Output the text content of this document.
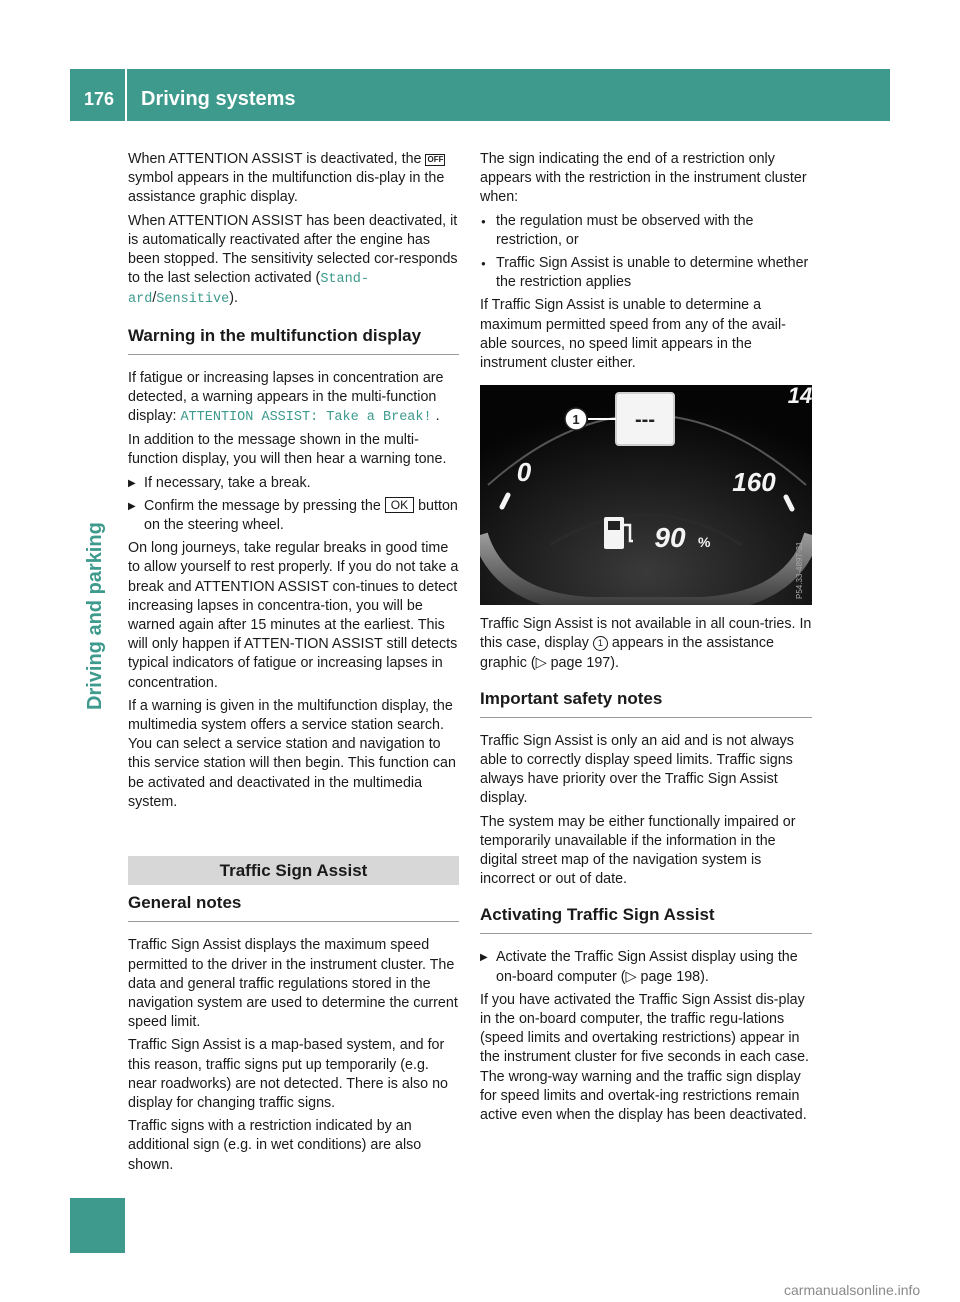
176 Driving systems
Driving and parking

When ATTENTION ASSIST is deactivated, the OFF symbol appears in the multifunction dis-play in the assistance graphic display.

When ATTENTION ASSIST has been deactivated, it is automatically reactivated after the engine has been stopped. The sensitivity selected cor-responds to the last selection activated (Stand‐ard/Sensitive).

Warning in the multifunction display

If fatigue or increasing lapses in concentration are detected, a warning appears in the multi-function display: ATTENTION ASSIST: Take a Break! .

In addition to the message shown in the multi-function display, you will then hear a warning tone.

▶ If necessary, take a break.
▶ Confirm the message by pressing the OK button on the steering wheel.

On long journeys, take regular breaks in good time to allow yourself to rest properly. If you do not take a break and ATTENTION ASSIST con-tinues to detect increasing lapses in concentra-tion, you will be warned again after 15 minutes at the earliest. This will only happen if ATTEN-TION ASSIST still detects typical indicators of fatigue or increasing lapses in concentration.

If a warning is given in the multifunction display, the multimedia system offers a service station search. You can select a service station and navigation to this service station will then begin. This function can be activated and deactivated in the multimedia system.

Traffic Sign Assist
General notes

Traffic Sign Assist displays the maximum speed permitted to the driver in the instrument cluster. The data and general traffic regulations stored in the navigation system are used to determine the current speed limit.

Traffic Sign Assist is a map-based system, and for this reason, traffic signs put up temporarily (e.g. near roadworks) are not detected. There is also no display for changing traffic signs.

Traffic signs with a restriction indicated by an additional sign (e.g. in wet conditions) are also shown.

The sign indicating the end of a restriction only appears with the restriction in the instrument cluster when:

● the regulation must be observed with the restriction, or
● Traffic Sign Assist is unable to determine whether the restriction applies

If Traffic Sign Assist is unable to determine a maximum permitted speed from any of the avail-able sources, no speed limit appears in the instrument cluster either.

---
1
0	160
14
90 %	P54.33-4897-31

Traffic Sign Assist is not available in all coun-tries. In this case, display 1 appears in the assistance graphic (▷ page 197).

Important safety notes

Traffic Sign Assist is only an aid and is not always able to correctly display speed limits. Traffic signs always have priority over the Traffic Sign Assist display.

The system may be either functionally impaired or temporarily unavailable if the information in the digital street map of the navigation system is incorrect or out of date.

Activating Traffic Sign Assist
▶ Activate the Traffic Sign Assist display using the on-board computer (▷ page 198).

If you have activated the Traffic Sign Assist dis-play in the on-board computer, the traffic regu-lations (speed limits and overtaking restrictions) appear in the instrument cluster for five seconds in each case. The wrong-way warning and the traffic sign display for speed limits and overtak-ing restrictions remain active even when the display has been deactivated.

carmanualsonline.info
